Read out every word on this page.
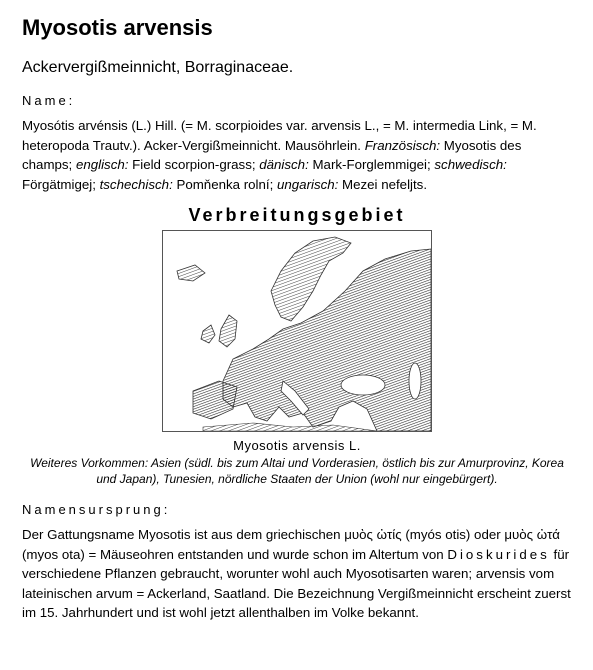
Myosotis arvensis
Ackervergißmeinnicht, Borraginaceae.
Name:
Myosótis arvénsis (L.) Hill. (= M. scorpioides var. arvensis L., = M. intermedia Link, = M. heteropoda Trautv.). Acker-Vergißmeinnicht. Mausöhrlein. Französisch: Myosotis des champs; englisch: Field scorpion-grass; dänisch: Mark-Forglemmigei; schwedisch: Förgätmigej; tschechisch: Pomňenka rolní; ungarisch: Mezei nefeljts.
Verbreitungsgebiet
Myosotis arvensis L.
Weiteres Vorkommen: Asien (südl. bis zum Altai und Vorderasien, östlich bis zur Amurprovinz, Korea und Japan), Tunesien, nördliche Staaten der Union (wohl nur eingebürgert).
Namensursprung:
Der Gattungsname Myosotis ist aus dem griechischen μυὸς ὠτίς (myós otis) oder μυὸς ὠτά (myos ota) = Mäuseohren entstanden und wurde schon im Altertum von Dioskurides für verschiedene Pflanzen gebraucht, worunter wohl auch Myosotisarten waren; arvensis vom lateinischen arvum = Ackerland, Saatland. Die Bezeichnung Vergißmeinnicht erscheint zuerst im 15. Jahrhundert und ist wohl jetzt allenthalben im Volke bekannt.
